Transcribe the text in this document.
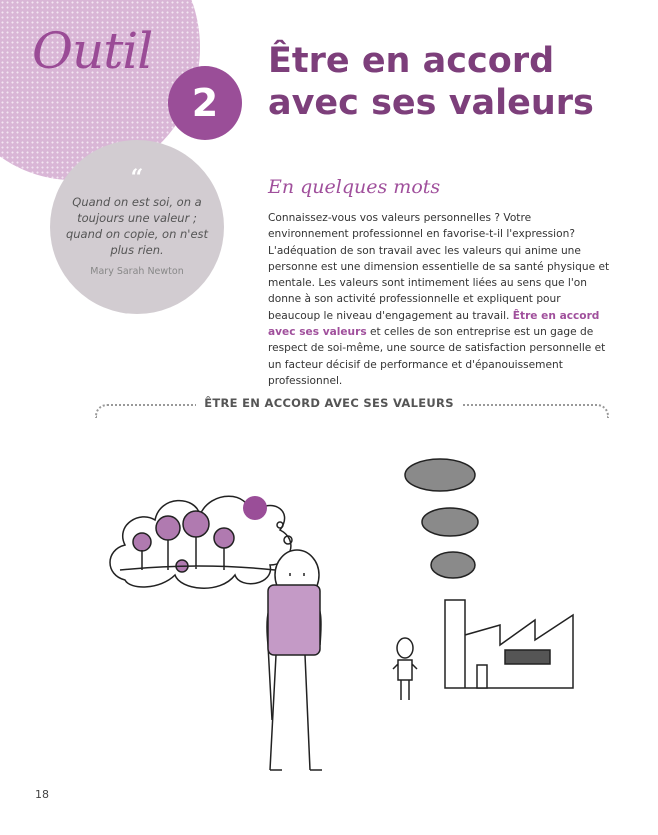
Outil
2
“
Quand on est soi, on a toujours une valeur ; quand on copie, on n'est plus rien.
Mary Sarah Newton
Être en accord
avec ses valeurs
En quelques mots

Connaissez-vous vos valeurs personnelles ? Votre environnement professionnel en favorise-t-il l'expression? L'adéquation de son travail avec les valeurs qui anime une personne est une dimension essentielle de sa santé physique et mentale. Les valeurs sont intimement liées au sens que l'on donne à son activité professionnelle et expliquent pour beaucoup le niveau d'engagement au travail. Être en accord avec ses valeurs et celles de son entreprise est un gage de respect de soi-même, une source de satisfaction personnelle et un facteur décisif de performance et d'épanouissement professionnel.

ÊTRE EN ACCORD AVEC SES VALEURS
18
